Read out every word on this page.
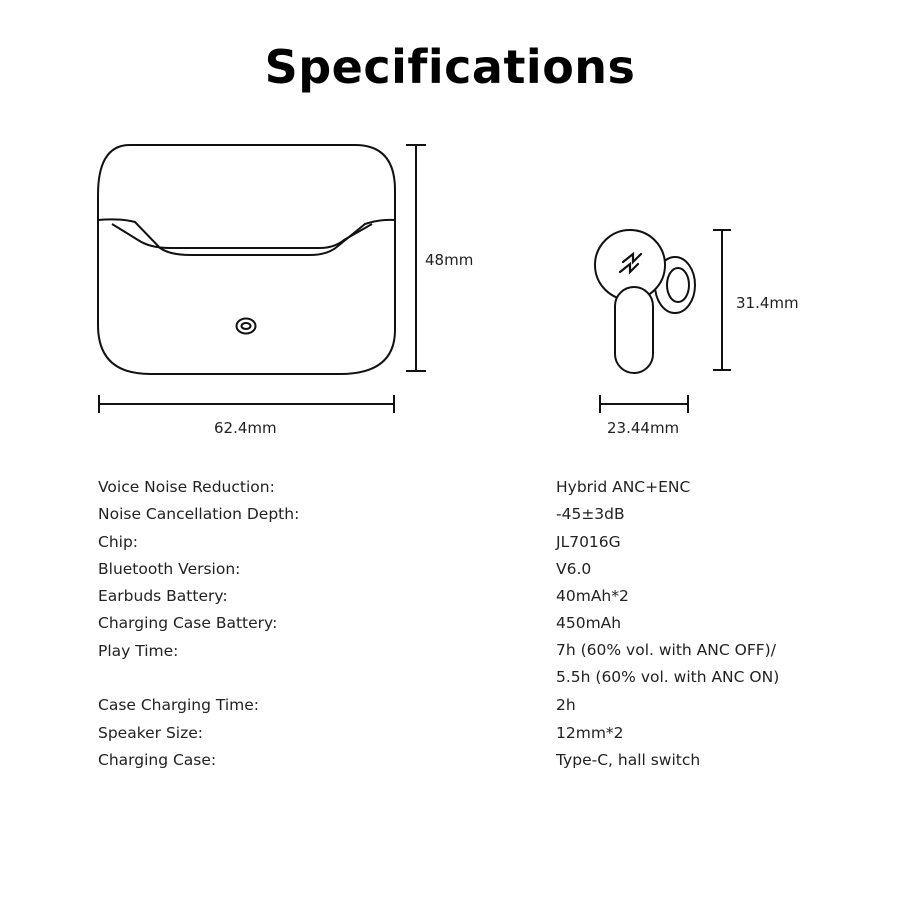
Specifications
48mm
62.4mm
31.4mm
23.44mm
Voice Noise Reduction:	Hybrid ANC+ENC
Noise Cancellation Depth:	-45±3dB
Chip:	JL7016G
Bluetooth Version:	V6.0
Earbuds Battery:	40mAh*2
Charging Case Battery:	450mAh
Play Time:	7h (60% vol. with ANC OFF)/
5.5h (60% vol. with ANC ON)
Case Charging Time:	2h
Speaker Size:	12mm*2
Charging Case:	Type-C, hall switch
